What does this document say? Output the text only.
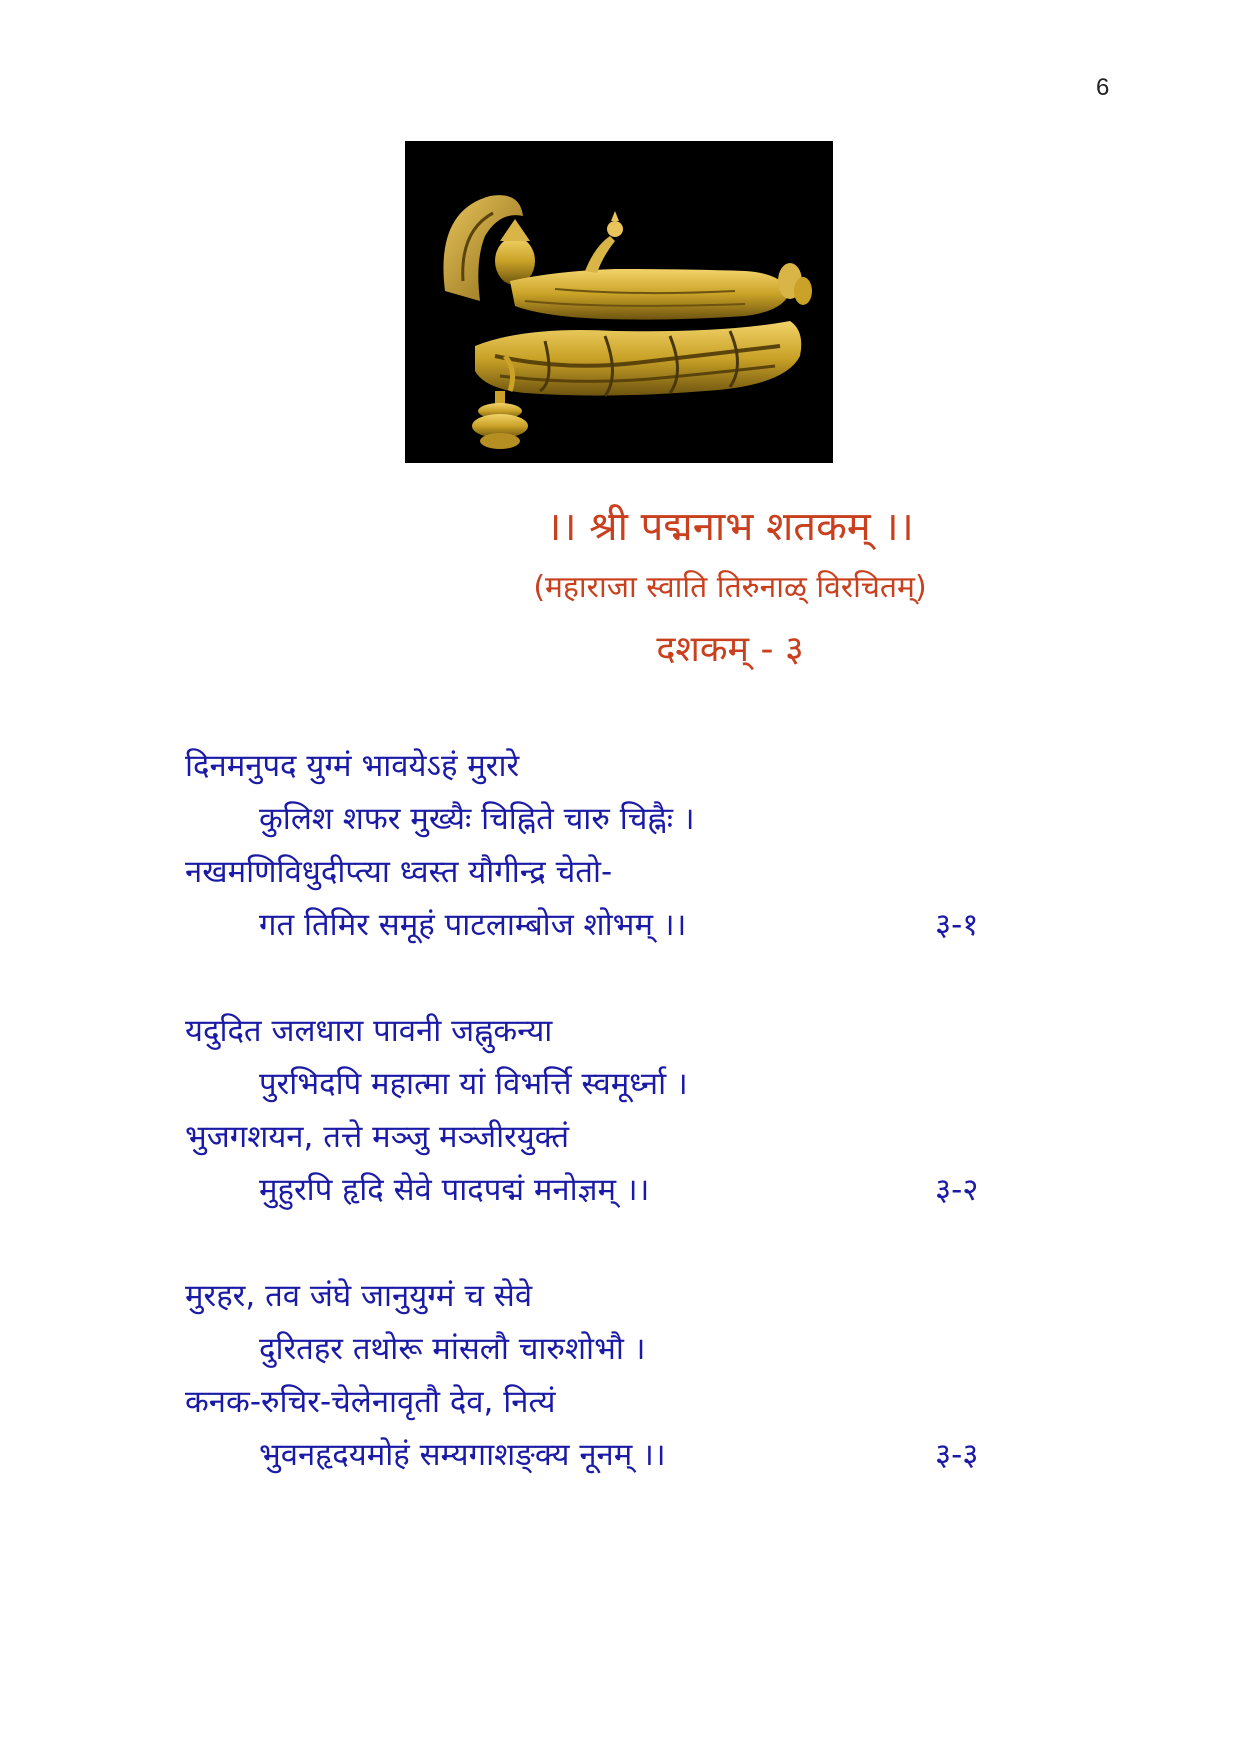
6
।। श्री पद्मनाभ शतकम् ।।
(महाराजा स्वाति तिरुनाळ् विरचितम्)
दशकम् - ३
दिनमनुपद युग्मं भावयेऽहं मुरारे
कुलिश शफर मुख्यैः चिह्निते चारु चिह्नैः ।
नखमणिविधुदीप्त्या ध्वस्त यौगीन्द्र चेतो-
गत तिमिर समूहं पाटलाम्बोज शोभम् ।।	३-१
यदुदित जलधारा पावनी जह्नुकन्या
पुरभिदपि महात्मा यां विभर्त्ति स्वमूर्ध्ना ।
भुजगशयन, तत्ते मञ्जु मञ्जीरयुक्तं
मुहुरपि हृदि सेवे पादपद्मं मनोज्ञम् ।।	३-२
मुरहर, तव जंघे जानुयुग्मं च सेवे
दुरितहर तथोरू मांसलौ चारुशोभौ ।
कनक-रुचिर-चेलेनावृतौ देव, नित्यं
भुवनहृदयमोहं सम्यगाशङ्क्य नूनम् ।।	३-३
